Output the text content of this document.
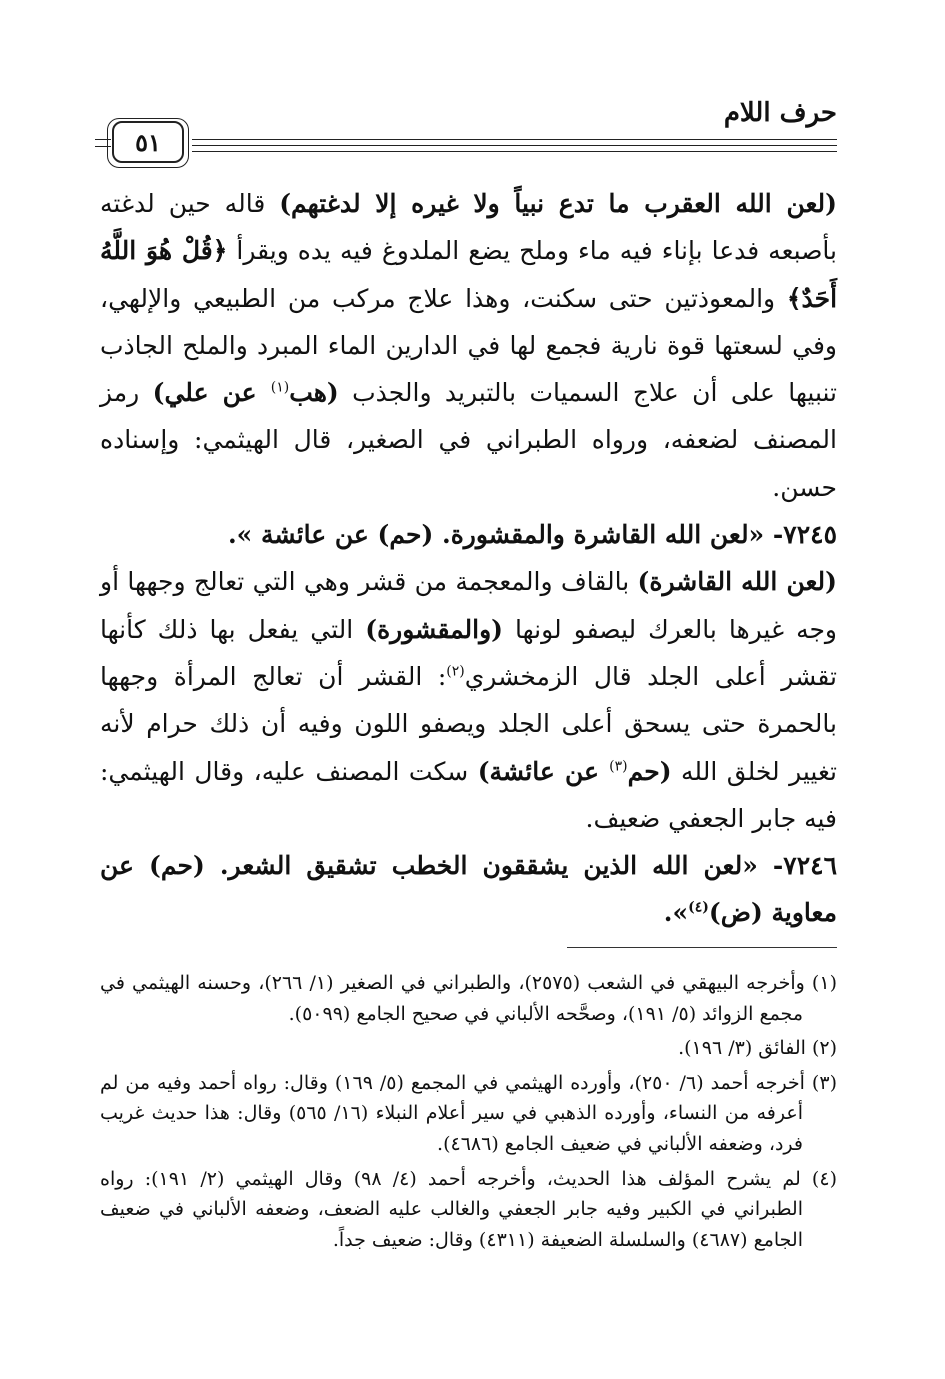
حرف اللام
٥١

(لعن الله العقرب ما تدع نبياً ولا غيره إلا لدغتهم) قاله حين لدغته بأصبعه فدعا بإناء فيه ماء وملح يضع الملدوغ فيه يده ويقرأ ﴿قُلْ هُوَ اللَّهُ أَحَدٌ﴾ والمعوذتين حتى سكنت، وهذا علاج مركب من الطبيعي والإلهي، وفي لسعتها قوة نارية فجمع لها في الدارين الماء المبرد والملح الجاذب تنبيها على أن علاج السميات بالتبريد والجذب (هب$^{(١)}$ عن علي) رمز المصنف لضعفه، ورواه الطبراني في الصغير، قال الهيثمي: وإسناده حسن.

٧٢٤٥- «لعن الله القاشرة والمقشورة. (حم) عن عائشة ».

(لعن الله القاشرة) بالقاف والمعجمة من قشر وهي التي تعالج وجهها أو وجه غيرها بالعرك ليصفو لونها (والمقشورة) التي يفعل بها ذلك كأنها تقشر أعلى الجلد قال الزمخشري$^{(٢)}$: القشر أن تعالج المرأة وجهها بالحمرة حتى يسحق أعلى الجلد ويصفو اللون وفيه أن ذلك حرام لأنه تغيير لخلق الله (حم$^{(٣)}$ عن عائشة) سكت المصنف عليه، وقال الهيثمي: فيه جابر الجعفي ضعيف.

٧٢٤٦- «لعن الله الذين يشققون الخطب تشقيق الشعر. (حم) عن معاوية (ض)$^{(٤)}$».

(١) وأخرجه البيهقي في الشعب (٢٥٧٥)، والطبراني في الصغير (١/ ٢٦٦)، وحسنه الهيثمي في مجمع الزوائد (٥/ ١٩١)، وصحَّحه الألباني في صحيح الجامع (٥٠٩٩).

(٢) الفائق (٣/ ١٩٦).

(٣) أخرجه أحمد (٦/ ٢٥٠)، وأورده الهيثمي في المجمع (٥/ ١٦٩) وقال: رواه أحمد وفيه من لم أعرفه من النساء، وأورده الذهبي في سير أعلام النبلاء (١٦/ ٥٦٥) وقال: هذا حديث غريب فرد، وضعفه الألباني في ضعيف الجامع (٤٦٨٦).

(٤) لم يشرح المؤلف هذا الحديث، وأخرجه أحمد (٤/ ٩٨) وقال الهيثمي (٢/ ١٩١): رواه الطبراني في الكبير وفيه جابر الجعفي والغالب عليه الضعف، وضعفه الألباني في ضعيف الجامع (٤٦٨٧) والسلسلة الضعيفة (٤٣١١) وقال: ضعيف جداً.
